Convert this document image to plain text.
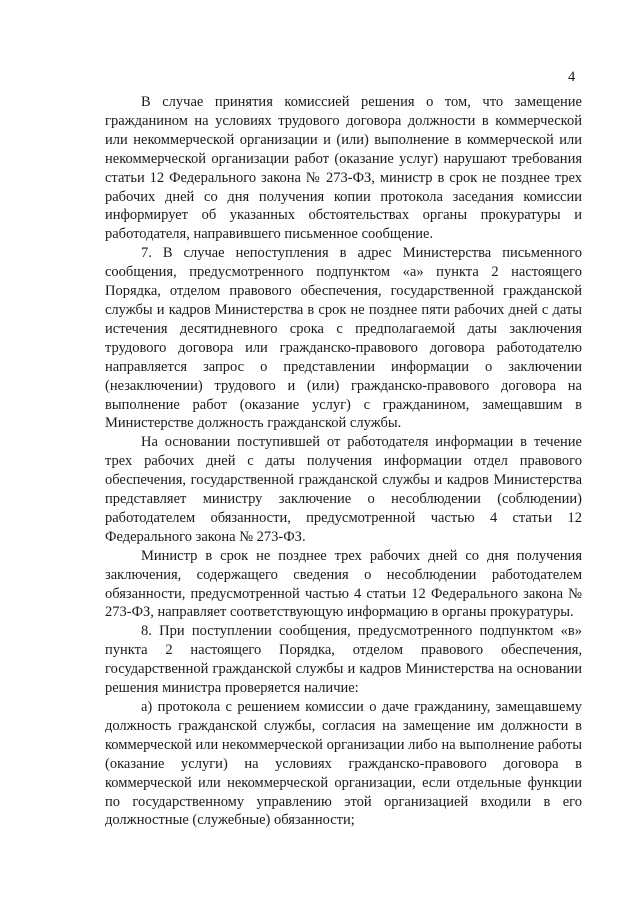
4

В случае принятия комиссией решения о том, что замещение гражданином на условиях трудового договора должности в коммерческой или некоммерческой организации и (или) выполнение в коммерческой или некоммерческой организации работ (оказание услуг) нарушают требования статьи 12 Федерального закона № 273-ФЗ, министр в срок не позднее трех рабочих дней со дня получения копии протокола заседания комиссии информирует об указанных обстоятельствах органы прокуратуры и работодателя, направившего письменное сообщение.

7. В случае непоступления в адрес Министерства письменного сообщения, предусмотренного подпунктом «а» пункта 2 настоящего Порядка, отделом правового обеспечения, государственной гражданской службы и кадров Министерства в срок не позднее пяти рабочих дней с даты истечения десятидневного срока с предполагаемой даты заключения трудового договора или гражданско-правового договора работодателю направляется запрос о представлении информации о заключении (незаключении) трудового и (или) гражданско-правового договора на выполнение работ (оказание услуг) с гражданином, замещавшим в Министерстве должность гражданской службы.

На основании поступившей от работодателя информации в течение трех рабочих дней с даты получения информации отдел правового обеспечения, государственной гражданской службы и кадров Министерства представляет министру заключение о несоблюдении (соблюдении) работодателем обязанности, предусмотренной частью 4 статьи 12 Федерального закона № 273-ФЗ.

Министр в срок не позднее трех рабочих дней со дня получения заключения, содержащего сведения о несоблюдении работодателем обязанности, предусмотренной частью 4 статьи 12 Федерального закона № 273-ФЗ, направляет соответствующую информацию в органы прокуратуры.

8. При поступлении сообщения, предусмотренного подпунктом «в» пункта 2 настоящего Порядка, отделом правового обеспечения, государственной гражданской службы и кадров Министерства на основании решения министра проверяется наличие:

а) протокола с решением комиссии о даче гражданину, замещавшему должность гражданской службы, согласия на замещение им должности в коммерческой или некоммерческой организации либо на выполнение работы (оказание услуги) на условиях гражданско-правового договора в коммерческой или некоммерческой организации, если отдельные функции по государственному управлению этой организацией входили в его должностные (служебные) обязанности;
